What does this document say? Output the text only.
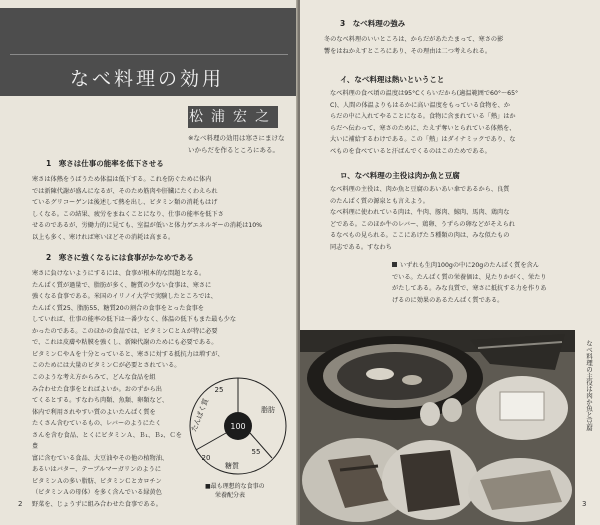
なべ料理の効用
松浦宏之
※なべ料理の効用は寒さにまけないからだを作るところにある。
1　寒さは仕事の能率を低下させる
寒さは体熱をうばうため体温は低下する。これを防ぐために体内
では新陳代謝が盛んになるが、そのため筋肉や肝臓にたくわえられ
ているグリコーゲンは後述して熱を出し、ビタミン類の消耗もはげ
しくなる。この結果、疲労をまねくことになり、仕事の能率を低下さ
せるのであるが、労働力的に見ても、室温が低いと体力ゲエネルギーの消耗は10%
以上も多く、寒ければ寒いほどその消耗は高まる。
2　寒さに強くなるには食事がかなめである
寒さに負けないようにするには、食事が根本的な問題となる。
たんぱく質が過量で、脂肪が多く、糖質の少ない食事は、寒さに
強くなる食事である。米国のイリノイ大学で実験したところでは、
たんぱく質25、脂肪55、糖質20の割合の食事をとった食事を
していれば、仕事の能率の低下は一番少なく、体温の低下もまた最も少な
かったのである。このほかの食品では、ビタミンＣとＡが特に必要
で、これは皮膚や粘膜を強くし、新陳代謝のためにも必要である。
ビタミンＣやＡを十分とっていると、寒さに対する抵抗力は増すが、
このためには大量のビタミンＣが必要とされている。
このような考え方からみて、どんな食品を組
み合わせた食事をとればよいか。おのずから出
てくるとする。すなわち肉類、魚類、卵類など、
体内で利用されやすい質のよいたんぱく質を
たくさん含むているもの、レバーのようにたく
さんを含む食品、とくにビタミンＡ、Ｂ₁、Ｂ₂、Ｃを豊
富に含むている食品、大豆油やその他の植物油、
あるいはバター、テーブルマーガリンのように
ビタミンＡの多い脂肪、ビタミンＣとカロチン
（ビタミンＡの母体）を多く含んでいる緑黄色
野菜を、じょうずに組み合わせた食事である。
100
25
55
20
たんぱく質	脂肪
糖質
■最も理想的な食事の
栄養配分表
2
3　なべ料理の強み
冬のなべ料理のいいところは、からだがあたたまって、寒さの影
響をはねかえすところにあり、その理由は二つ考えられる。
イ、なべ料理は熱いということ
なべ料理の食べ頃の温度は95°Cくらいだから(適温範囲で60°〜65°
C)、人間の体温よりもはるかに高い温度をもっている食物を、か
らだの中に入れてやることになる。食物に含まれている「熱」はか
らだへ伝わって、寒さのために、たえず奪いとられている体熱を、
大いに補給するわけである。この「熱」はダイナミックであり、な
べものを食べていると汗ばんでくるのはこのためである。
ロ、なべ料理の主役は肉か魚と豆腐
なべ料理の主役は、肉か魚と豆腐のあいあい傘であるから、良質
のたんぱく質の源泉とも言えよう。
なべ料理に使われている肉は、牛肉、豚肉、鯨肉、馬肉、鶏肉な
どである。このほか牛のレバー、鶏卵、うずらの卵などがそえられ
るなべもの見られる。ここにあげた５種類の肉は、みな似たもの
同志である。すなわち
いずれも生肉100gの中に20gのたんぱく質を含ん
でいる。たんぱく質の栄養価は、見たりかがく、栄たり
がたしてある。みな良質で、寒さに抵抗する力を作りあ
げるのに効果のあるたんぱく質である。
3
なべ料理の主役は肉か魚と豆腐
